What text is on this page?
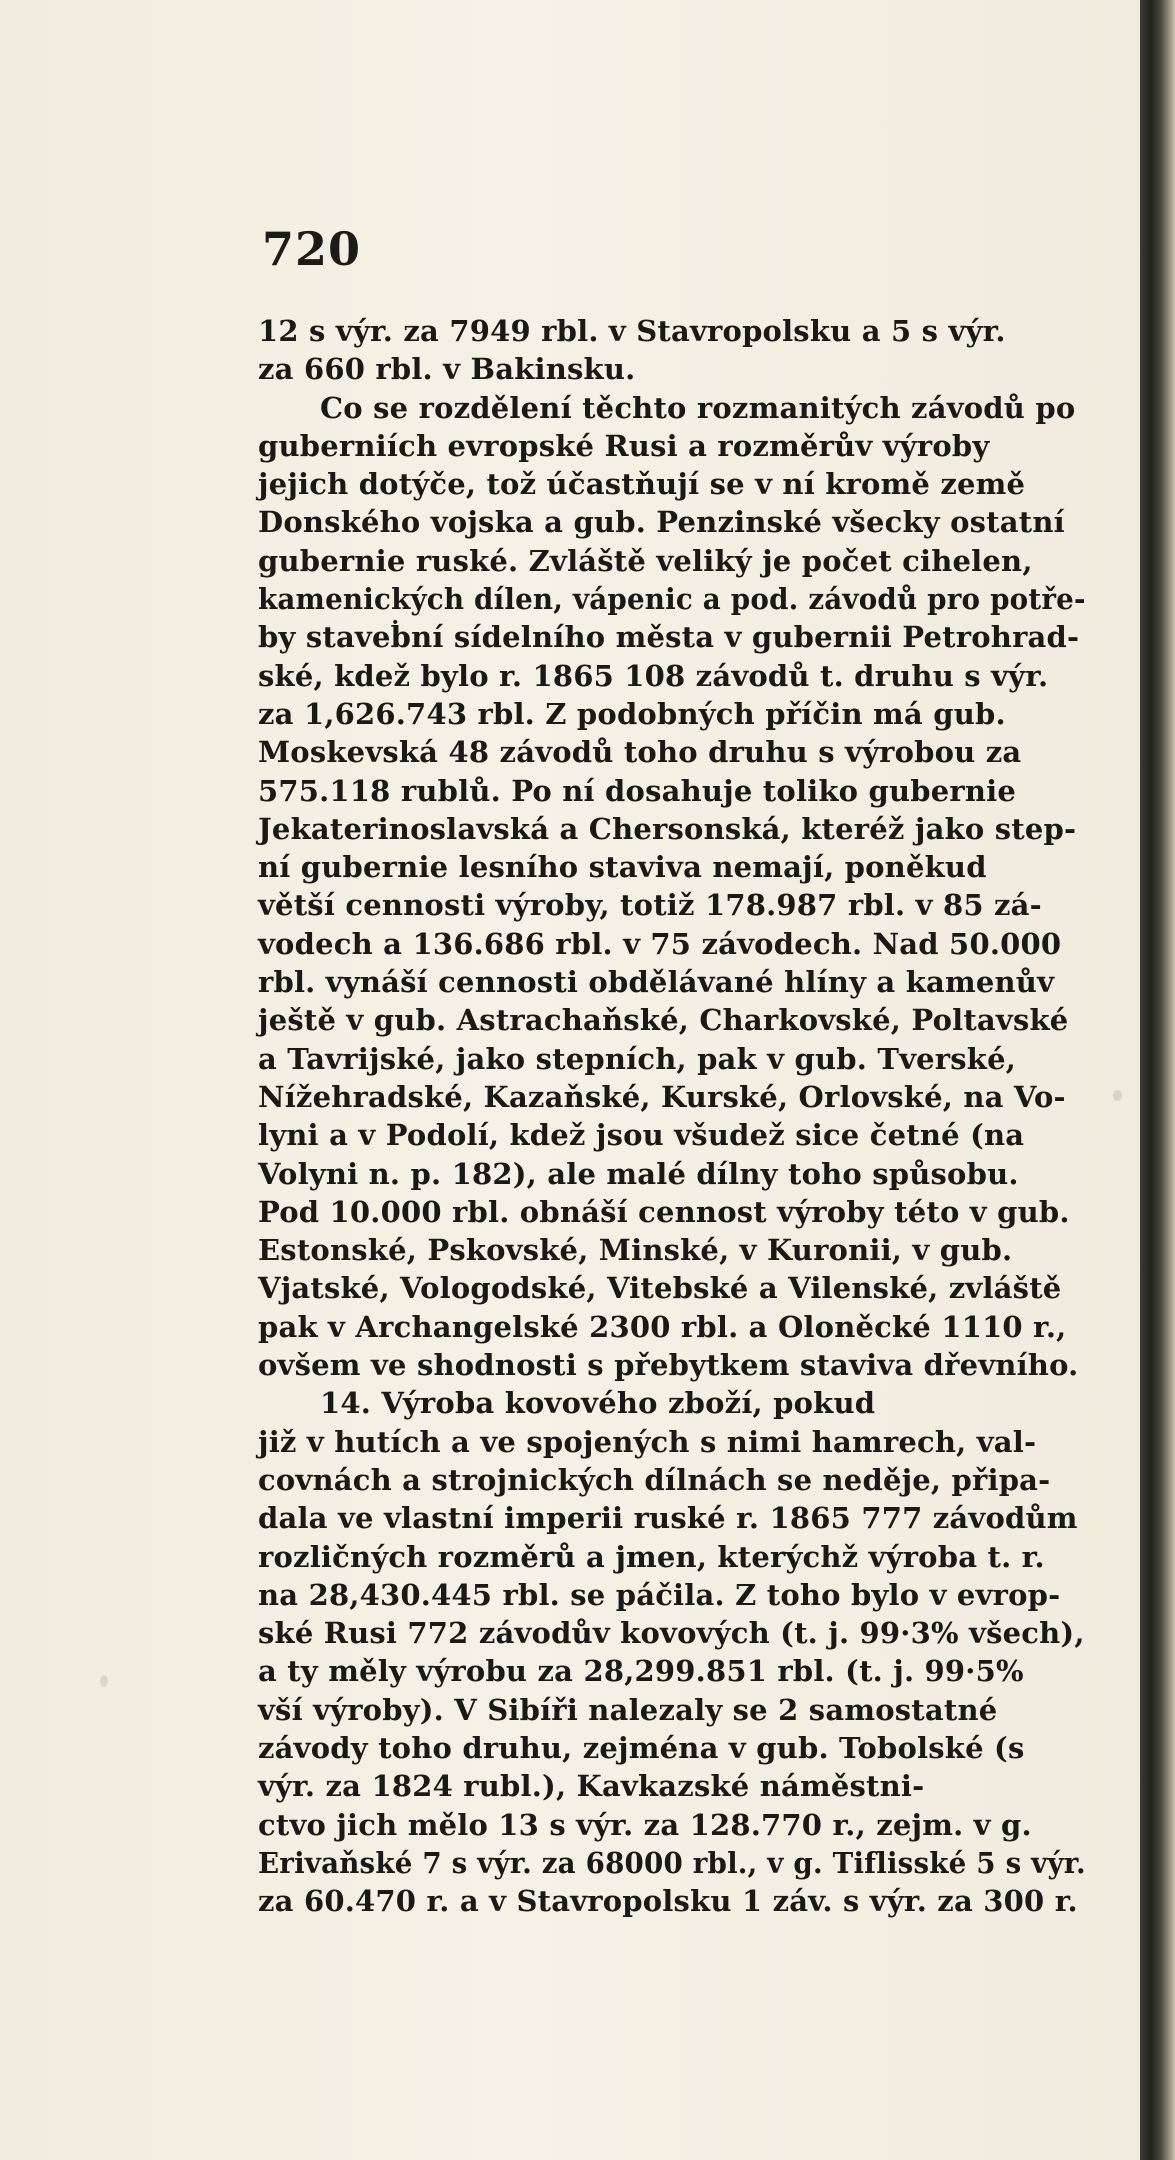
720
12 s výr. za 7949 rbl. v Stavropolsku a 5 s výr.
za 660 rbl. v Bakinsku.
Co se rozdělení těchto rozmanitých závodů po
guberniích evropské Rusi a rozměrův výroby
jejich dotýče, tož účastňují se v ní kromě země
Donského vojska a gub. Penzinské všecky ostatní
gubernie ruské. Zvláště veliký je počet cihelen,
kamenických dílen, vápenic a pod. závodů pro potře-
by staveḃní sídelního města v gubernii Petrohrad-
ské, kdež bylo r. 1865 108 závodů t. druhu s výr.
za 1,626.743 rbl. Z podobných příčin má gub.
Moskevská 48 závodů toho druhu s výrobou za
575.118 rublů. Po ní dosahuje toliko gubernie
Jekaterinoslavská a Chersonská, kteréž jako step-
ní gubernie lesního staviva nemají, poněkud
větší cennosti výroby, totiž 178.987 rbl. v 85 zá-
vodech a 136.686 rbl. v 75 závodech. Nad 50.000
rbl. vynáší cennosti obdělávané hlíny a kamenův
ještě v gub. Astrachaňské, Charkovské, Poltavské
a Tavrijské, jako stepních, pak v gub. Tverské,
Nížehradské, Kazaňské, Kurské, Orlovské, na Vo-
lyni a v Podolí, kdež jsou všudež sice četné (na
Volyni n. p. 182), ale malé dílny toho spůsobu.
Pod 10.000 rbl. obnáší cennost výroby této v gub.
Estonské, Pskovské, Minské, v Kuronii, v gub.
Vjatské, Vologodské, Vitebské a Vilenské, zvláště
pak v Archangelské 2300 rbl. a Oloněcké 1110 r.,
ovšem ve shodnosti s přebytkem staviva dřevního.
14. Výroba kovového zboží, pokud
již v hutích a ve spojených s nimi hamrech, val-
covnách a strojnických dílnách se neděje, připa-
dala ve vlastní imperii ruské r. 1865 777 závodům
rozličných rozměrů a jmen, kterýchž výroba t. r.
na 28,430.445 rbl. se páčila. Z toho bylo v evrop-
ské Rusi 772 závodův kovových (t. j. 99·3% všech),
a ty měly výrobu za 28,299.851 rbl. (t. j. 99·5%
vší výroby). V Sibíři nalezaly se 2 samostatné
závody toho druhu, zejména v gub. Tobolské (s
výr. za 1824 rubl.), Kavkazské náměstni-
ctvo jich mělo 13 s výr. za 128.770 r., zejm. v g.
Erivaňské 7 s výr. za 68000 rbl., v g. Tiflisské 5 s výr.
za 60.470 r. a v Stavropolsku 1 záv. s výr. za 300 r.
